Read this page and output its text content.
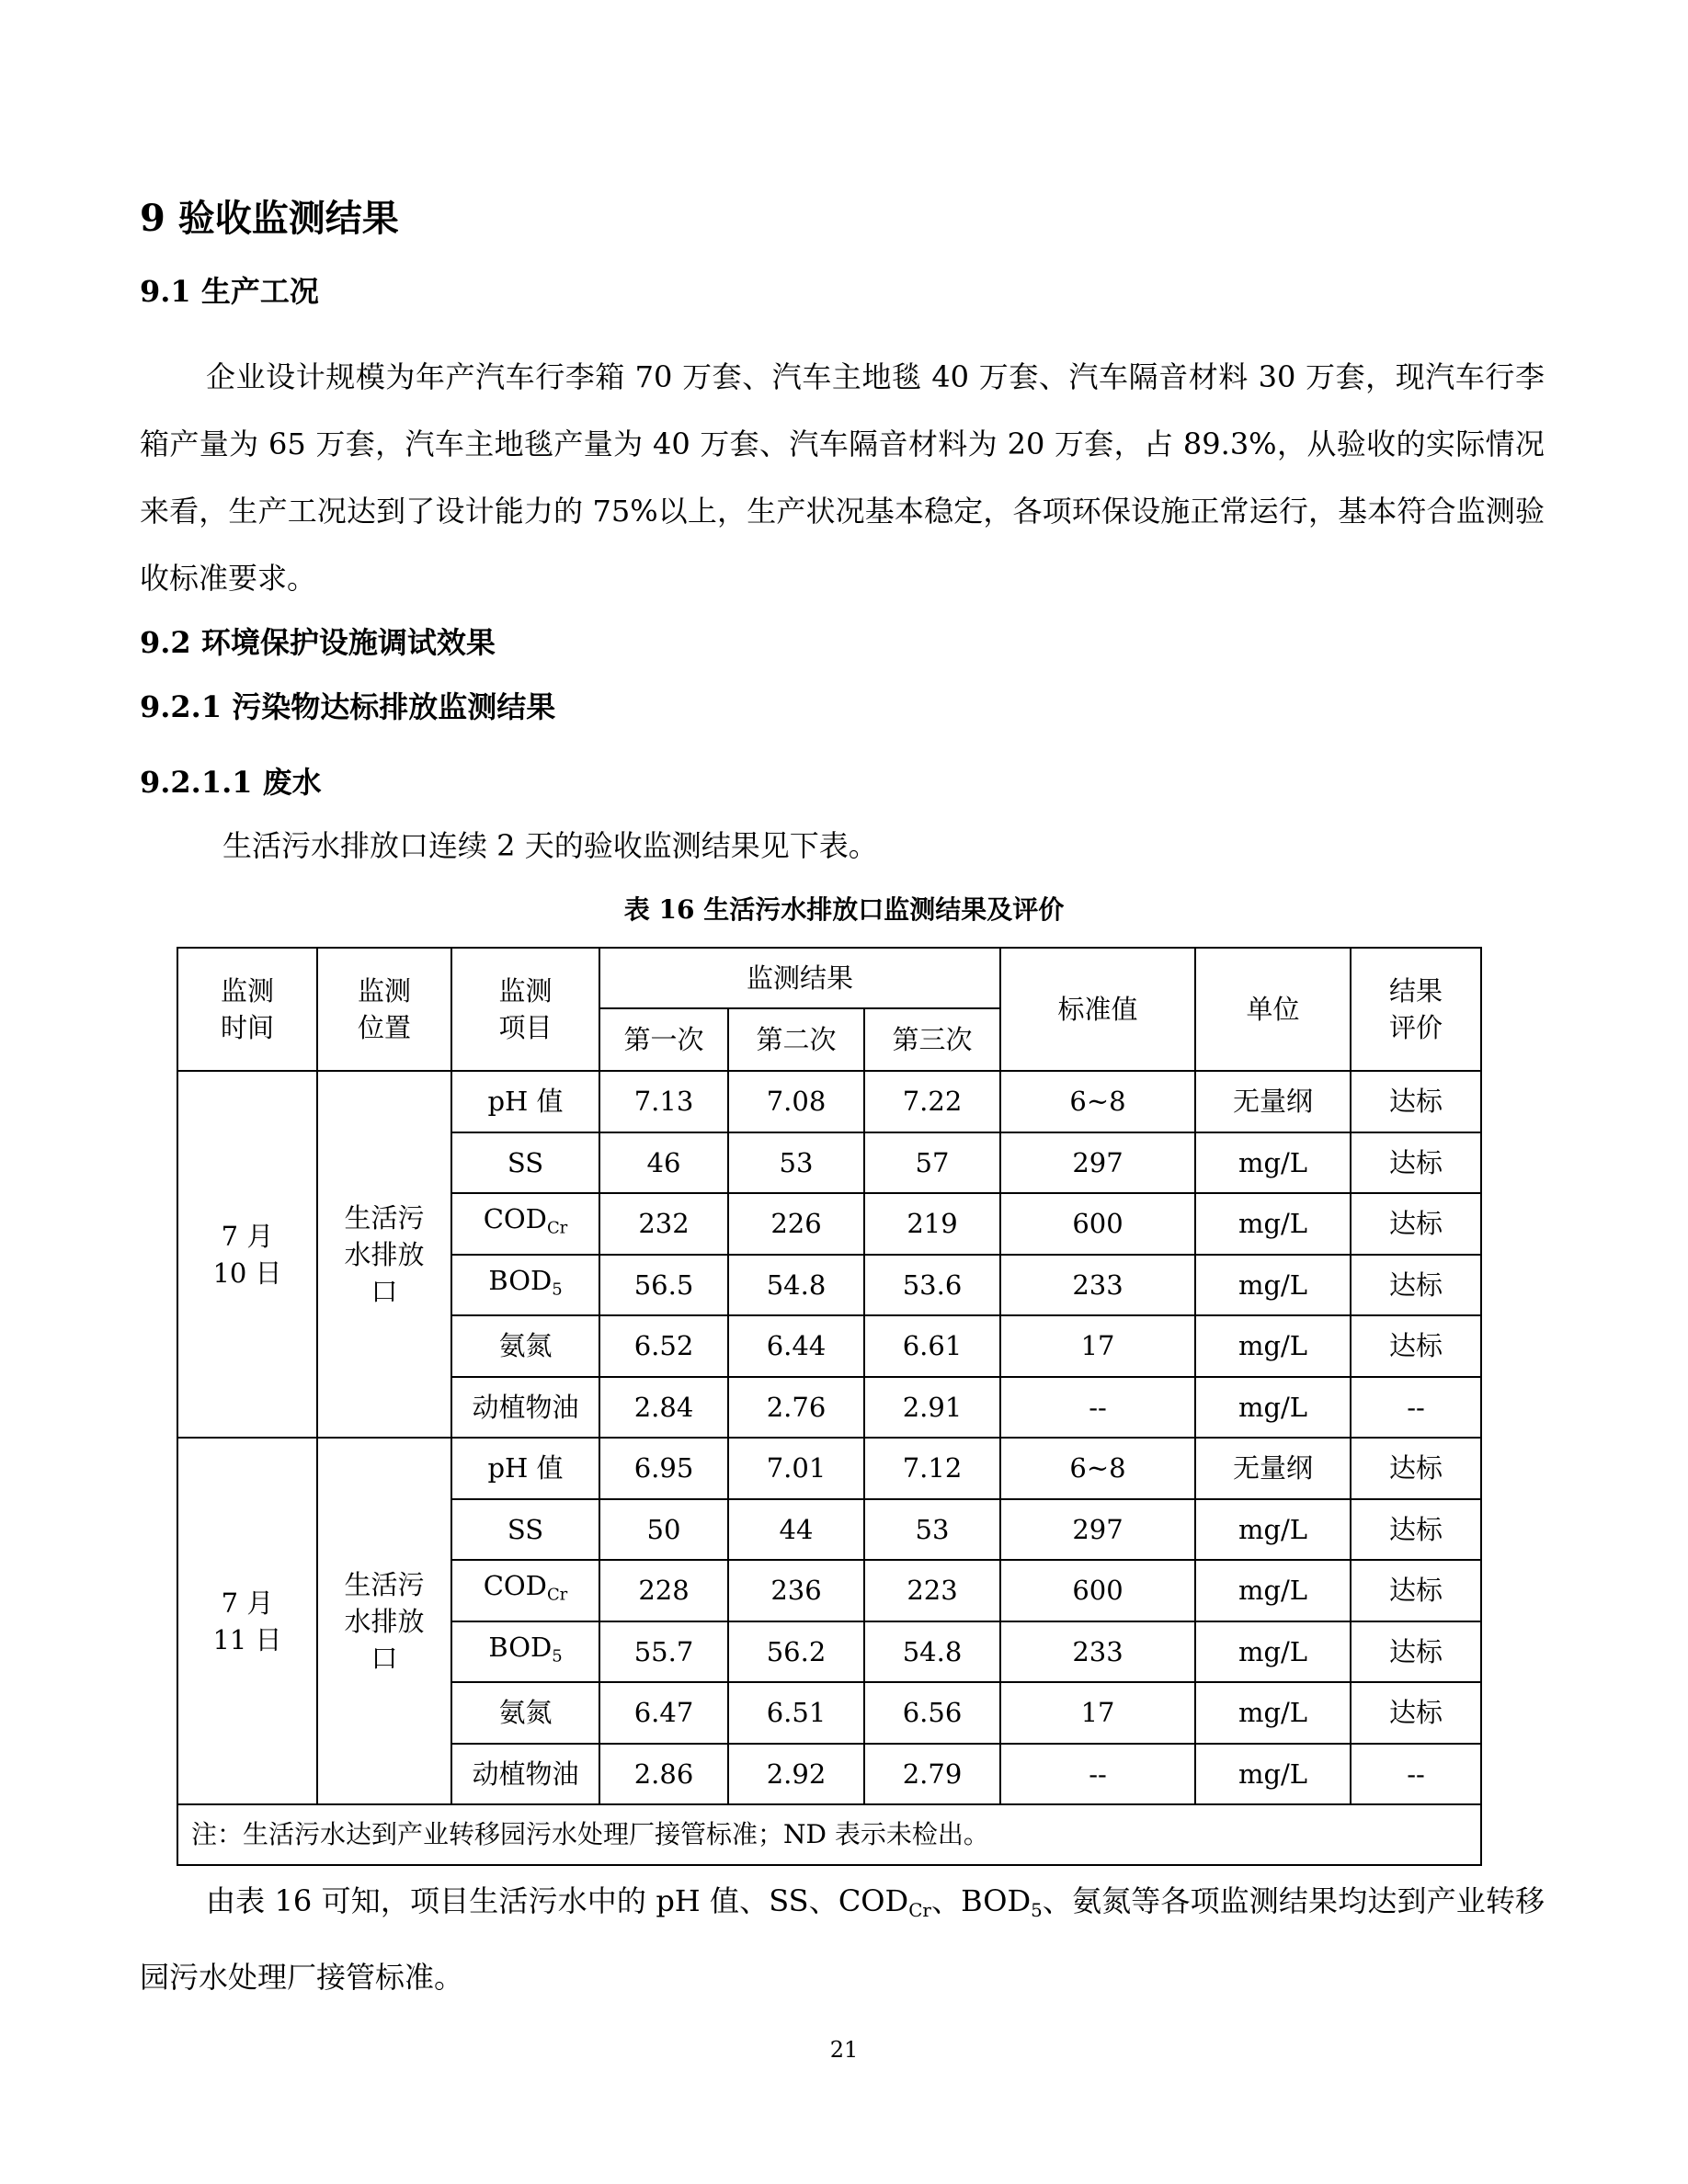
9 验收监测结果
9.1 生产工况

企业设计规模为年产汽车行李箱 70 万套、汽车主地毯 40 万套、汽车隔音材料 30 万套，现汽车行李箱产量为 65 万套，汽车主地毯产量为 40 万套、汽车隔音材料为 20 万套，占 89.3%，从验收的实际情况来看，生产工况达到了设计能力的 75%以上，生产状况基本稳定，各项环保设施正常运行，基本符合监测验收标准要求。

9.2 环境保护设施调试效果
9.2.1 污染物达标排放监测结果
9.2.1.1 废水

生活污水排放口连续 2 天的验收监测结果见下表。

表 16 生活污水排放口监测结果及评价
监测时间	监测位置	监测项目	监测结果			标准值	单位	结果评价
			第一次	第二次	第三次			
7 月 10 日	生活污水排放口	pH 值	7.13	7.08	7.22	6~8	无量纲	达标
		SS	46	53	57	297	mg/L	达标
		$COD_{Cr}$	232	226	219	600	mg/L	达标
		$BOD_5$	56.5	54.8	53.6	233	mg/L	达标
		氨氮	6.52	6.44	6.61	17	mg/L	达标
		动植物油	2.84	2.76	2.91	--	mg/L	--
7 月 11 日	生活污水排放口	pH 值	6.95	7.01	7.12	6~8	无量纲	达标
		SS	50	44	53	297	mg/L	达标
		$COD_{Cr}$	228	236	223	600	mg/L	达标
		$BOD_5$	55.7	56.2	54.8	233	mg/L	达标
		氨氮	6.47	6.51	6.56	17	mg/L	达标
		动植物油	2.86	2.92	2.79	--	mg/L	--
注：生活污水达到产业转移园污水处理厂接管标准；ND 表示未检出。								

由表 16 可知，项目生活污水中的 pH 值、SS、$COD_{Cr}$、$BOD_5$、氨氮等各项监测结果均达到产业转移园污水处理厂接管标准。

21
